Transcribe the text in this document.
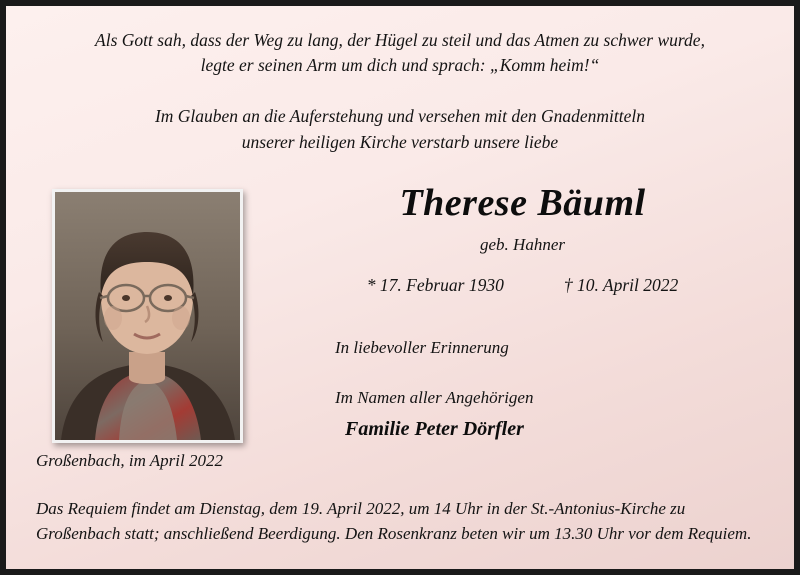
Als Gott sah, dass der Weg zu lang, der Hügel zu steil und das Atmen zu schwer wurde,
legte er seinen Arm um dich und sprach: „Komm heim!“
Im Glauben an die Auferstehung und versehen mit den Gnadenmitteln
unserer heiligen Kirche verstarb unsere liebe
Therese Bäuml
geb. Hahner
* 17. Februar 1930	† 10. April 2022
In liebevoller Erinnerung
Im Namen aller Angehörigen
Familie Peter Dörfler
Großenbach, im April 2022
Das Requiem findet am Dienstag, dem 19. April 2022, um 14 Uhr in der St.-Antonius-Kirche zu Großenbach statt; anschließend Beerdigung. Den Rosenkranz beten wir um 13.30 Uhr vor dem Requiem.
